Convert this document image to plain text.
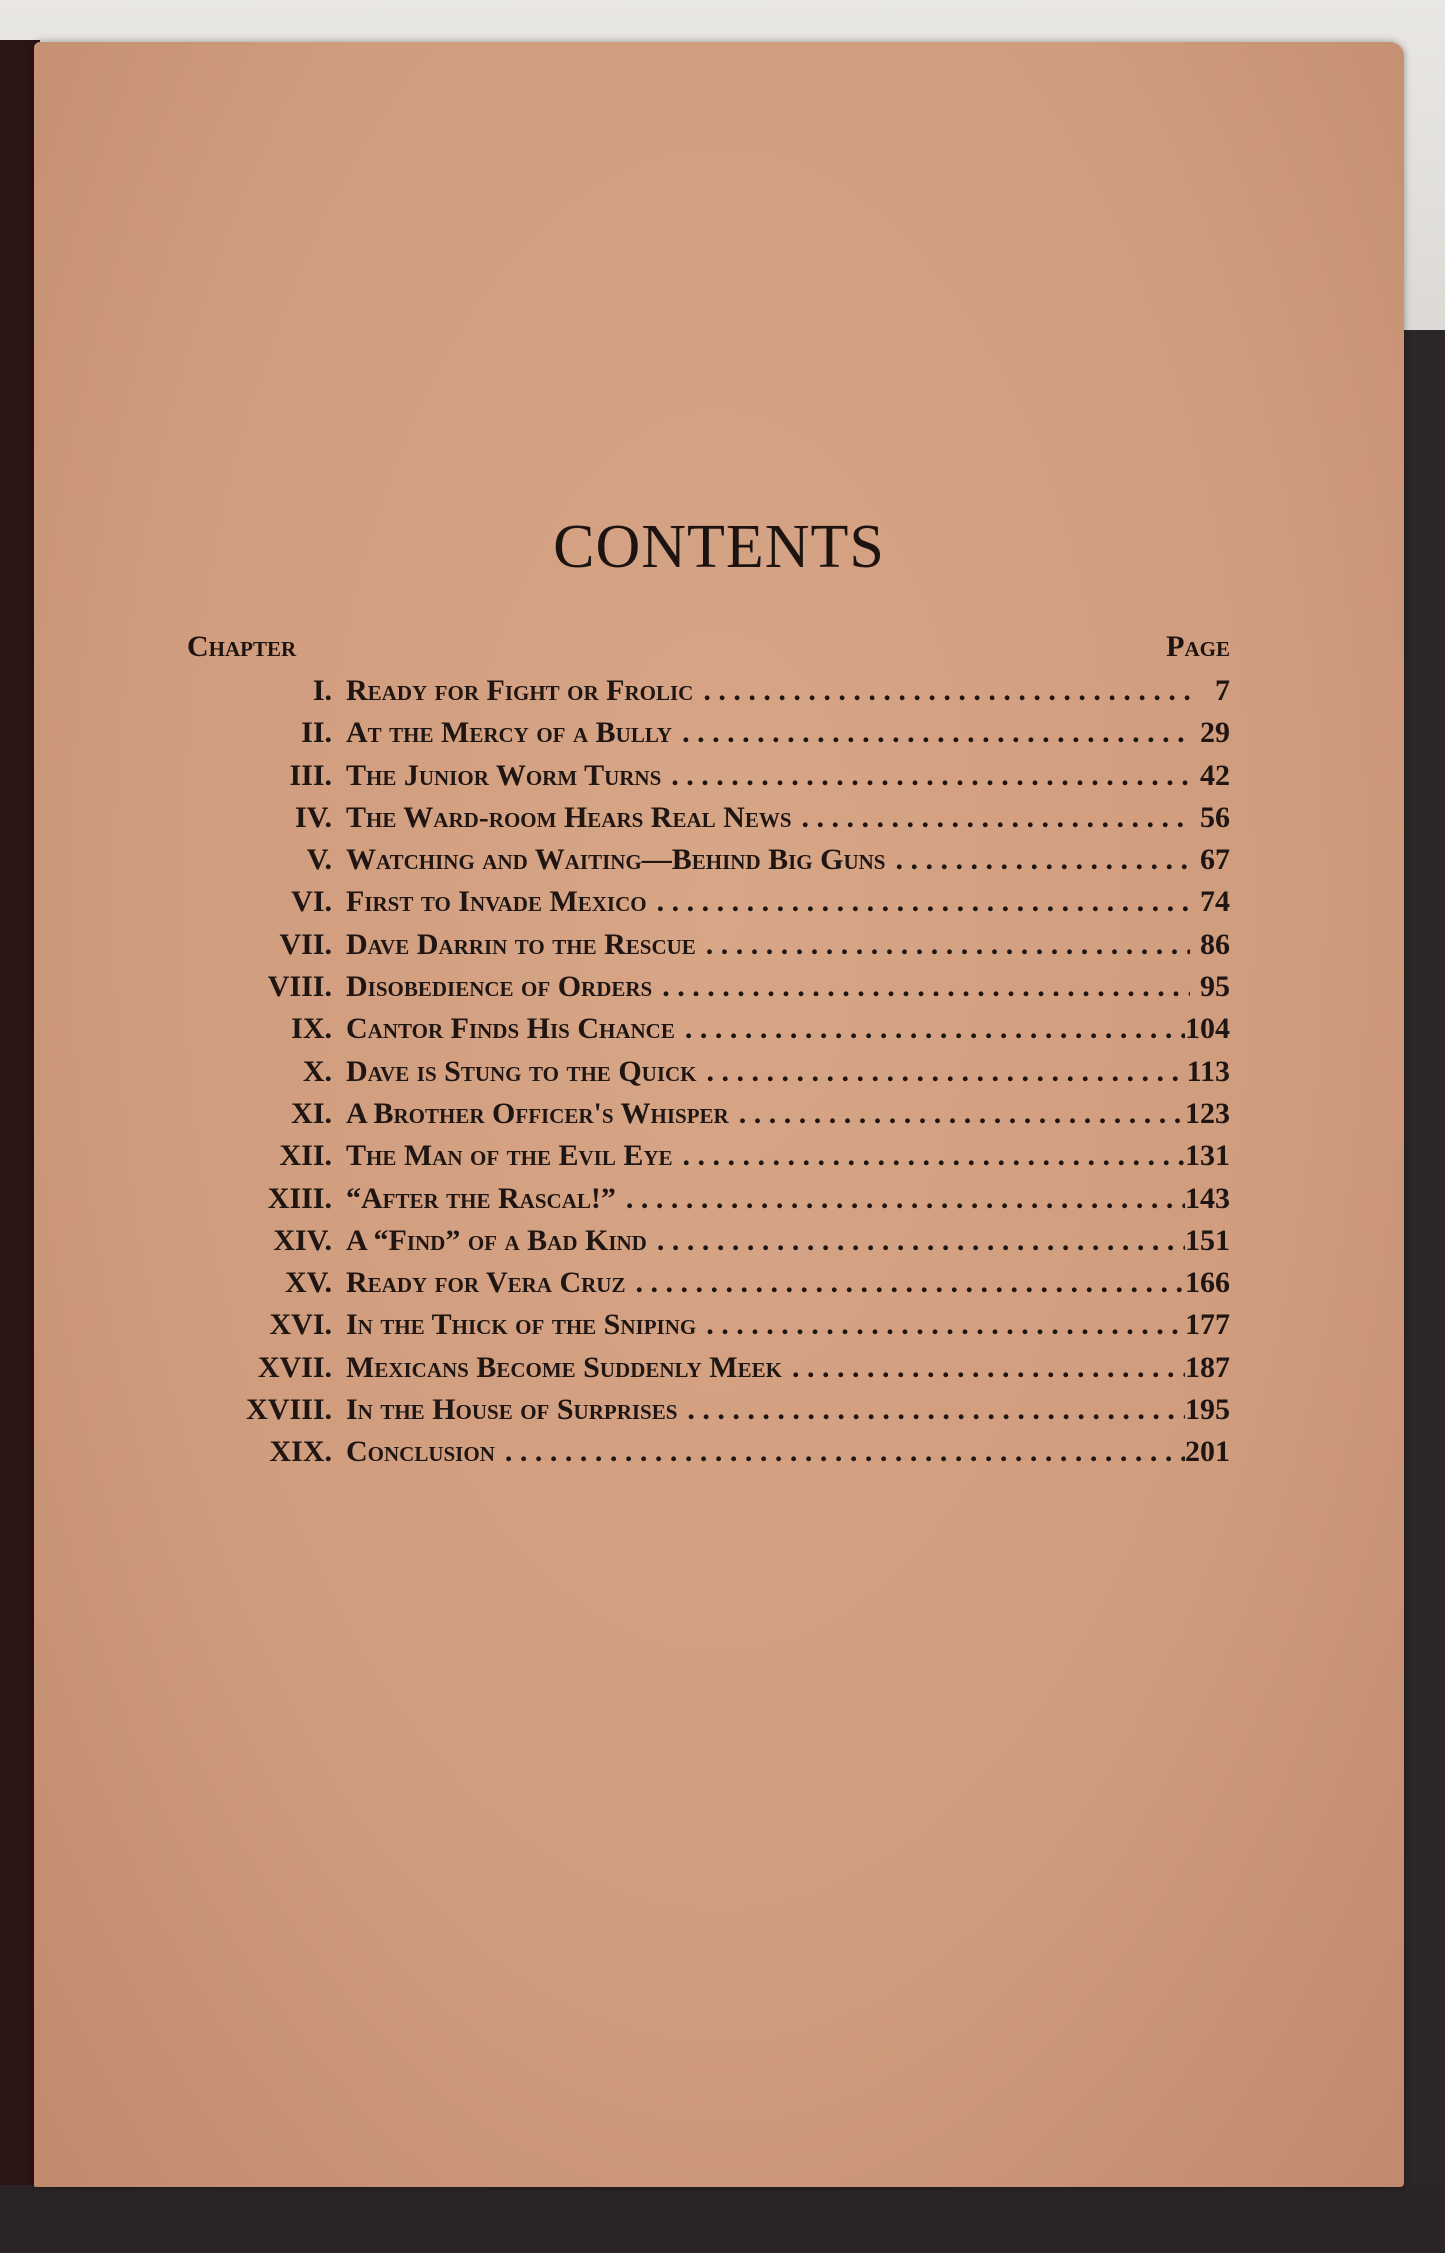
CONTENTS
Chapter	Page
I. Ready for Fight or Frolic . . .	7
II. At the Mercy of a Bully . . .	29
III. The Junior Worm Turns . . .	42
IV. The Ward-room Hears Real News . . .	56
V. Watching and Waiting—Behind Big Guns . . .	67
VI. First to Invade Mexico . . .	74
VII. Dave Darrin to the Rescue . . .	86
VIII. Disobedience of Orders . . .	95
IX. Cantor Finds His Chance . . .	104
X. Dave is Stung to the Quick . . .	113
XI. A Brother Officer's Whisper . . .	123
XII. The Man of the Evil Eye . . .	131
XIII. “After the Rascal!” . . .	143
XIV. A “Find” of a Bad Kind . . .	151
XV. Ready for Vera Cruz . . .	166
XVI. In the Thick of the Sniping . . .	177
XVII. Mexicans Become Suddenly Meek . . .	187
XVIII. In the House of Surprises . . .	195
XIX. Conclusion . . .	201
